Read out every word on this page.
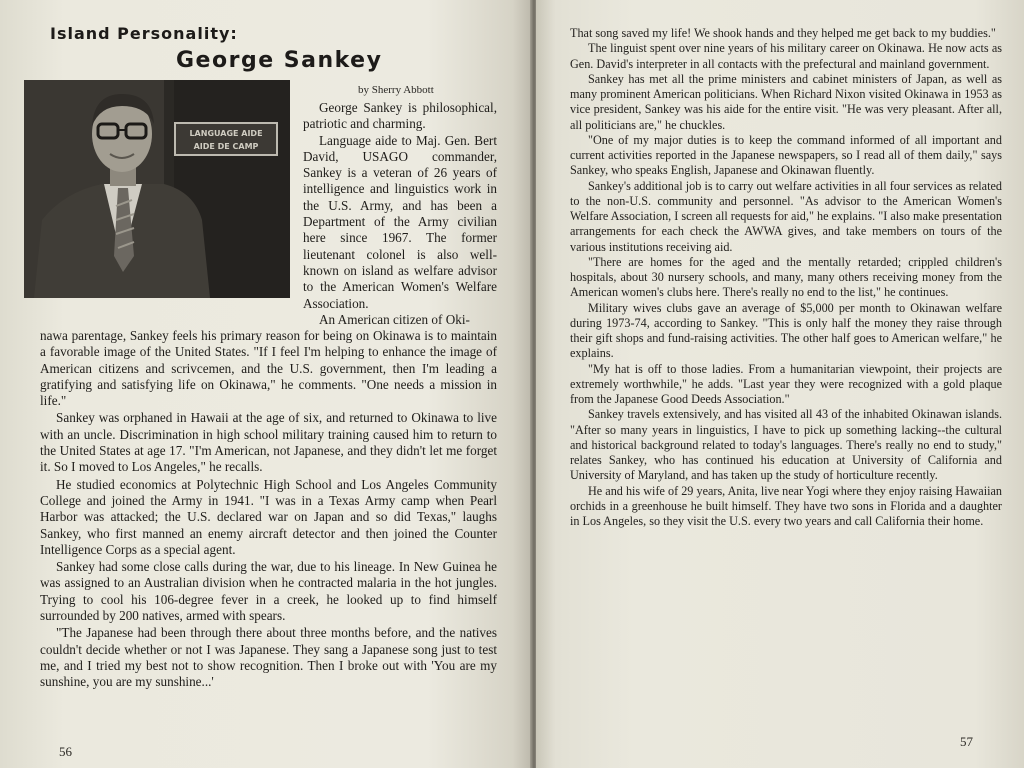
Island Personality:
George Sankey
by Sherry Abbott
LANGUAGE AIDE
AIDE DE CAMP

George Sankey is philosophical, patriotic and charming.

Language aide to Maj. Gen. Bert David, USAGO commander, Sankey is a veteran of 26 years of intelligence and linguistics work in the U.S. Army, and has been a Department of the Army civilian here since 1967. The former lieutenant colonel is also well-known on island as welfare advisor to the American Women's Welfare Association.

An American citizen of Oki-

nawa parentage, Sankey feels his primary reason for being on Okinawa is to maintain a favorable image of the United States. "If I feel I'm helping to enhance the image of American citizens and scrivcemen, and the U.S. government, then I'm leading a gratifying and satisfying life on Okinawa," he comments. "One needs a mission in life."

Sankey was orphaned in Hawaii at the age of six, and returned to Okinawa to live with an uncle. Discrimination in high school military training caused him to return to the United States at age 17. "I'm American, not Japanese, and they didn't let me forget it. So I moved to Los Angeles," he recalls.

He studied economics at Polytechnic High School and Los Angeles Community College and joined the Army in 1941. "I was in a Texas Army camp when Pearl Harbor was attacked; the U.S. declared war on Japan and so did Texas," laughs Sankey, who first manned an enemy aircraft detector and then joined the Counter Intelligence Corps as a special agent.

Sankey had some close calls during the war, due to his lineage. In New Guinea he was assigned to an Australian division when he contracted malaria in the hot jungles. Trying to cool his 106-degree fever in a creek, he looked up to find himself surrounded by 200 natives, armed with spears.

"The Japanese had been through there about three months before, and the natives couldn't decide whether or not I was Japanese. They sang a Japanese song just to test me, and I tried my best not to show recognition. Then I broke out with 'You are my sunshine, you are my sunshine...'

56

That song saved my life! We shook hands and they helped me get back to my buddies."

The linguist spent over nine years of his military career on Okinawa. He now acts as Gen. David's interpreter in all contacts with the prefectural and mainland government.

Sankey has met all the prime ministers and cabinet ministers of Japan, as well as many prominent American politicians. When Richard Nixon visited Okinawa in 1953 as vice president, Sankey was his aide for the entire visit. "He was very pleasant. After all, all politicians are," he chuckles.

"One of my major duties is to keep the command informed of all important and current activities reported in the Japanese newspapers, so I read all of them daily," says Sankey, who speaks English, Japanese and Okinawan fluently.

Sankey's additional job is to carry out welfare activities in all four services as related to the non-U.S. community and personnel. "As advisor to the American Women's Welfare Association, I screen all requests for aid," he explains. "I also make presentation arrangements for each check the AWWA gives, and take members on tours of the various institutions receiving aid.

"There are homes for the aged and the mentally retarded; crippled children's hospitals, about 30 nursery schools, and many, many others receiving money from the American women's clubs here. There's really no end to the list," he continues.

Military wives clubs gave an average of $5,000 per month to Okinawan welfare during 1973-74, according to Sankey. "This is only half the money they raise through their gift shops and fund-raising activities. The other half goes to American welfare," he explains.

"My hat is off to those ladies. From a humanitarian viewpoint, their projects are extremely worthwhile," he adds. "Last year they were recognized with a gold plaque from the Japanese Good Deeds Association."

Sankey travels extensively, and has visited all 43 of the inhabited Okinawan islands. "After so many years in linguistics, I have to pick up something lacking--the cultural and historical background related to today's languages. There's really no end to study," relates Sankey, who has continued his education at University of California and University of Maryland, and has taken up the study of horticulture recently.

He and his wife of 29 years, Anita, live near Yogi where they enjoy raising Hawaiian orchids in a greenhouse he built himself. They have two sons in Florida and a daughter in Los Angeles, so they visit the U.S. every two years and call California their home.

57
